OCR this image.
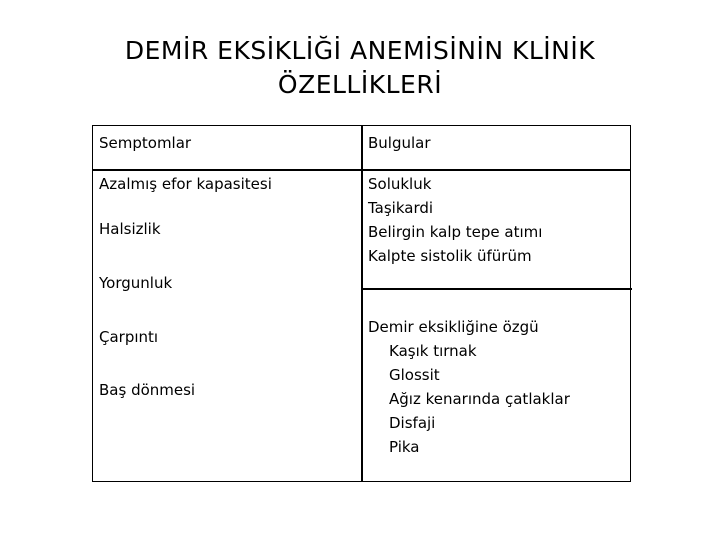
DEMİR EKSİKLİĞİ ANEMİSİNİN KLİNİK
ÖZELLİKLERİ
Semptomlar	Bulgular
Azalmış efor kapasitesi
Halsizlik
Yorgunluk
Çarpıntı
Baş dönmesi
Solukluk
Taşikardi
Belirgin kalp tepe atımı
Kalpte sistolik üfürüm
Demir eksikliğine özgü
Kaşık tırnak
Glossit
Ağız kenarında çatlaklar
Disfaji
Pika
